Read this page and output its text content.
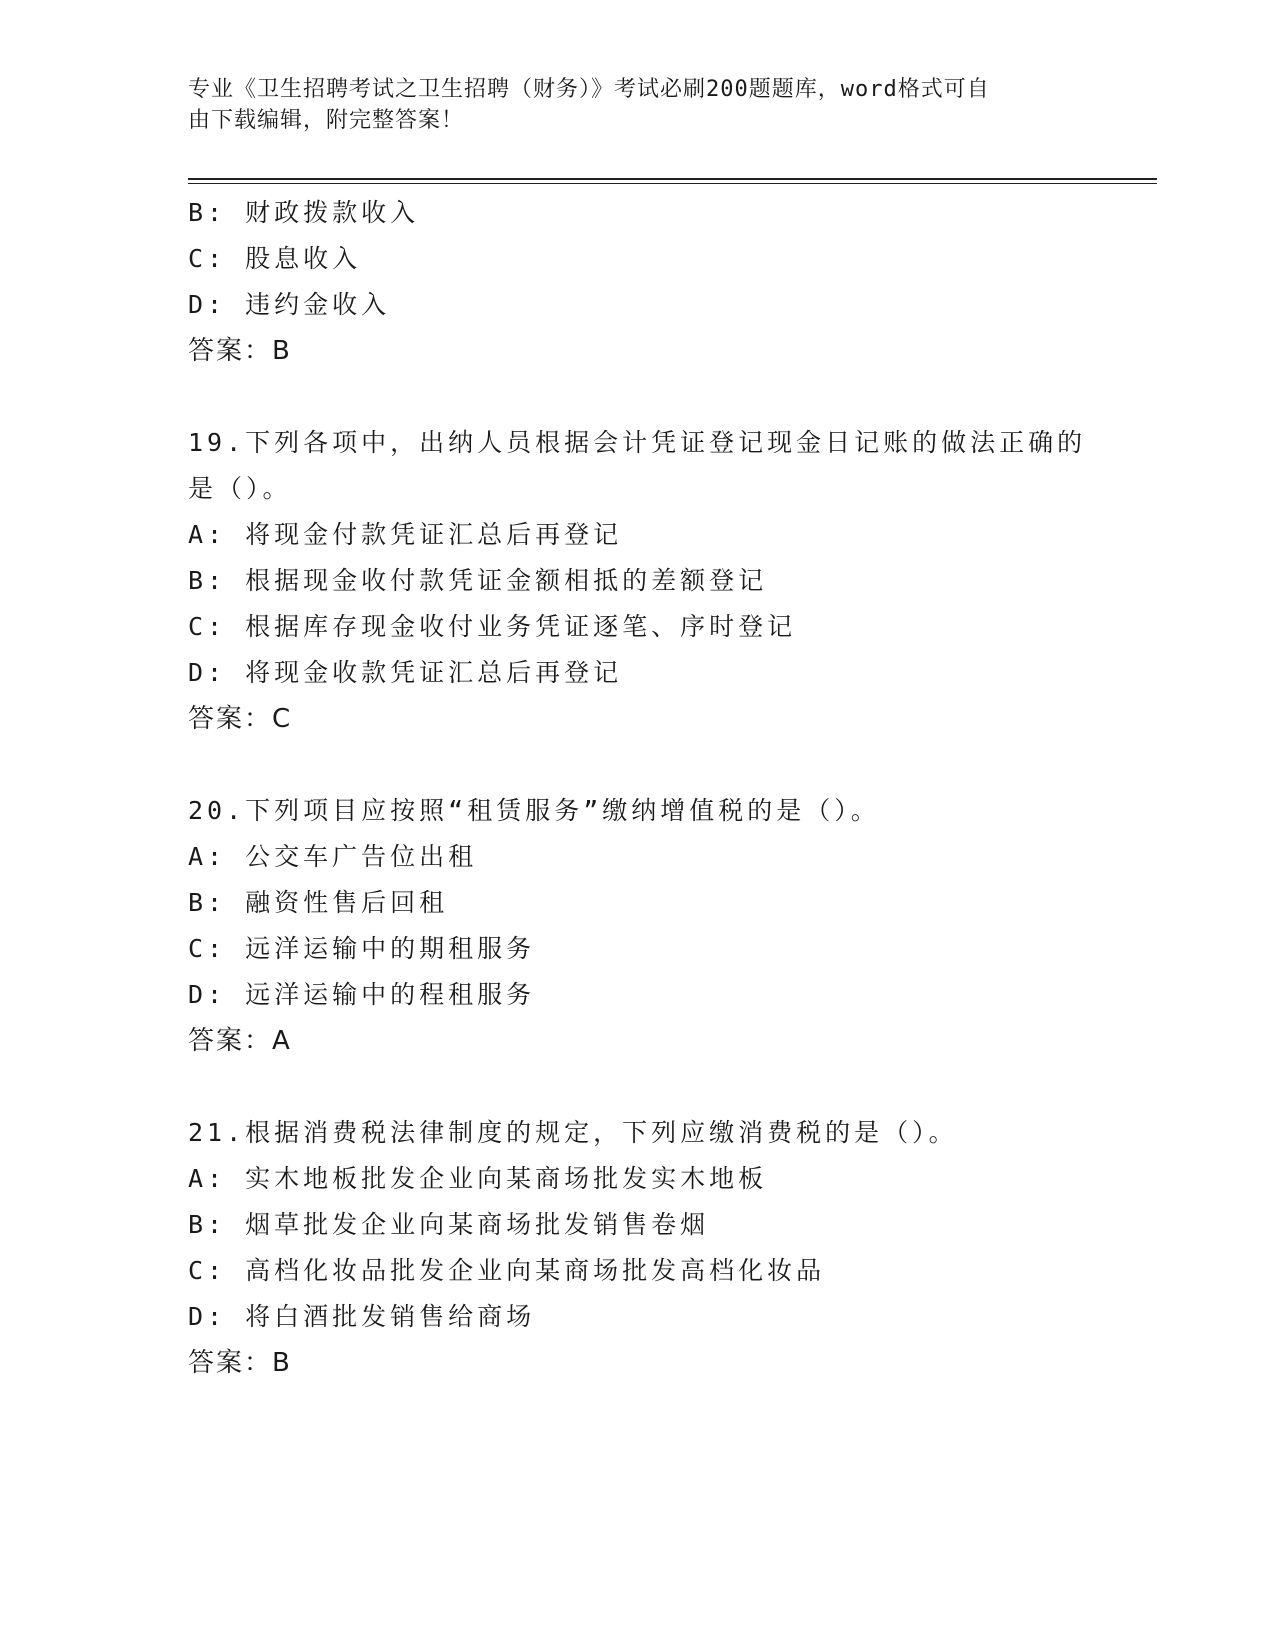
专业《卫生招聘考试之卫生招聘（财务）》考试必刷200题题库，word格式可自
由下载编辑，附完整答案！
B: 财政拨款收入
C: 股息收入
D: 违约金收入
答案：B
19.下列各项中，出纳人员根据会计凭证登记现金日记账的做法正确的
是（）。
A: 将现金付款凭证汇总后再登记
B: 根据现金收付款凭证金额相抵的差额登记
C: 根据库存现金收付业务凭证逐笔、序时登记
D: 将现金收款凭证汇总后再登记
答案：C
20.下列项目应按照“租赁服务”缴纳增值税的是（）。
A: 公交车广告位出租
B: 融资性售后回租
C: 远洋运输中的期租服务
D: 远洋运输中的程租服务
答案：A
21.根据消费税法律制度的规定，下列应缴消费税的是（）。
A: 实木地板批发企业向某商场批发实木地板
B: 烟草批发企业向某商场批发销售卷烟
C: 高档化妆品批发企业向某商场批发高档化妆品
D: 将白酒批发销售给商场
答案：B
